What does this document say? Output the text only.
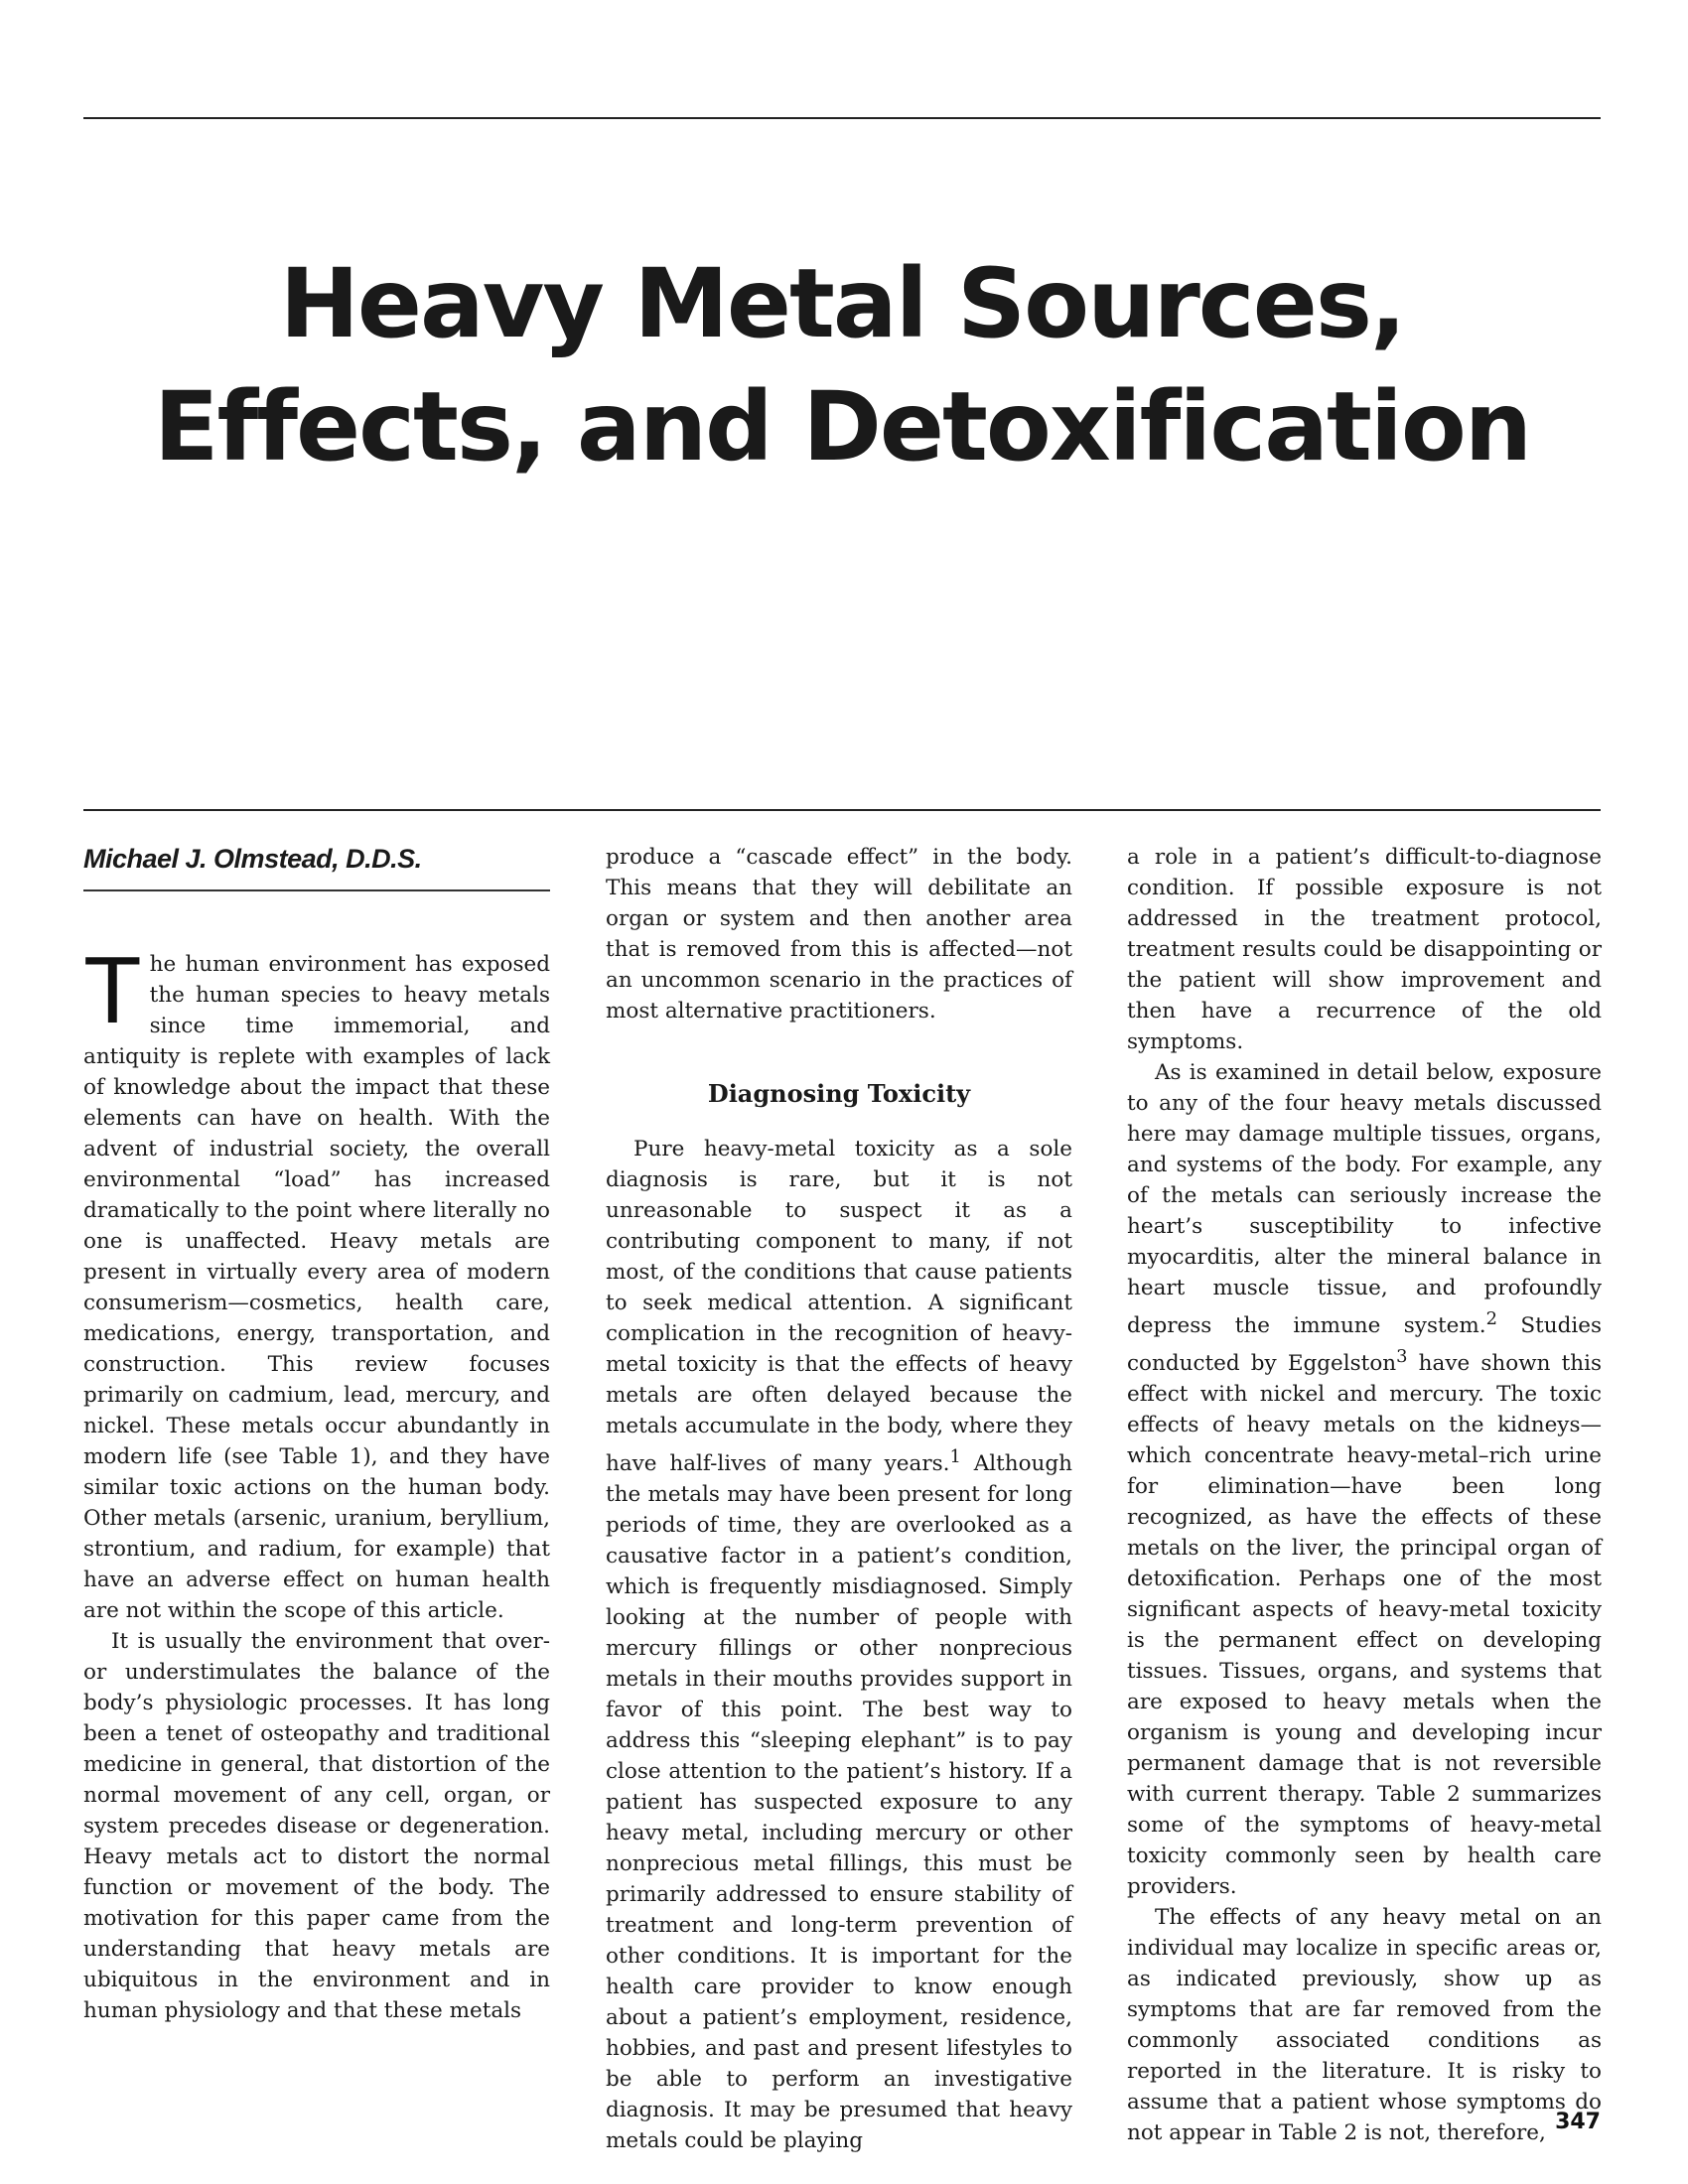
Heavy Metal Sources,
Effects, and Detoxification
Michael J. Olmstead, D.D.S.

The human environment has exposed the human species to heavy metals since time immemorial, and antiquity is replete with examples of lack of knowledge about the impact that these elements can have on health. With the advent of industrial society, the overall environmental “load” has increased dramatically to the point where literally no one is unaffected. Heavy metals are present in virtually every area of modern consumerism—cosmetics, health care, medications, energy, transportation, and construction. This review focuses primarily on cadmium, lead, mercury, and nickel. These metals occur abundantly in modern life (see Table 1), and they have similar toxic actions on the human body. Other metals (arsenic, uranium, beryllium, strontium, and radium, for example) that have an adverse effect on human health are not within the scope of this article.

It is usually the environment that over- or understimulates the balance of the body’s physiologic processes. It has long been a tenet of osteopathy and traditional medicine in general, that distortion of the normal movement of any cell, organ, or system precedes disease or degeneration. Heavy metals act to distort the normal function or movement of the body. The motivation for this paper came from the understanding that heavy metals are ubiquitous in the environment and in human physiology and that these metals

produce a “cascade effect” in the body. This means that they will debilitate an organ or system and then another area that is removed from this is affected—not an uncommon scenario in the practices of most alternative practitioners.

Diagnosing Toxicity

Pure heavy-metal toxicity as a sole diagnosis is rare, but it is not unreasonable to suspect it as a contributing component to many, if not most, of the conditions that cause patients to seek medical attention. A significant complication in the recognition of heavy-metal toxicity is that the effects of heavy metals are often delayed because the metals accumulate in the body, where they have half-lives of many years.$^1$ Although the metals may have been present for long periods of time, they are overlooked as a causative factor in a patient’s condition, which is frequently misdiagnosed. Simply looking at the number of people with mercury fillings or other nonprecious metals in their mouths provides support in favor of this point. The best way to address this “sleeping elephant” is to pay close attention to the patient’s history. If a patient has suspected exposure to any heavy metal, including mercury or other nonprecious metal fillings, this must be primarily addressed to ensure stability of treatment and long-term prevention of other conditions. It is important for the health care provider to know enough about a patient’s employment, residence, hobbies, and past and present lifestyles to be able to perform an investigative diagnosis. It may be presumed that heavy metals could be playing

a role in a patient’s difficult-to-diagnose condition. If possible exposure is not addressed in the treatment protocol, treatment results could be disappointing or the patient will show improvement and then have a recurrence of the old symptoms.

As is examined in detail below, exposure to any of the four heavy metals discussed here may damage multiple tissues, organs, and systems of the body. For example, any of the metals can seriously increase the heart’s susceptibility to infective myocarditis, alter the mineral balance in heart muscle tissue, and profoundly depress the immune system.$^2$ Studies conducted by Eggelston$^3$ have shown this effect with nickel and mercury. The toxic effects of heavy metals on the kidneys—which concentrate heavy-metal–rich urine for elimination—have been long recognized, as have the effects of these metals on the liver, the principal organ of detoxification. Perhaps one of the most significant aspects of heavy-metal toxicity is the permanent effect on developing tissues. Tissues, organs, and systems that are exposed to heavy metals when the organism is young and developing incur permanent damage that is not reversible with current therapy. Table 2 summarizes some of the symptoms of heavy-metal toxicity commonly seen by health care providers.

The effects of any heavy metal on an individual may localize in specific areas or, as indicated previously, show up as symptoms that are far removed from the commonly associated conditions as reported in the literature. It is risky to assume that a patient whose symptoms do not appear in Table 2 is not, therefore, 347
